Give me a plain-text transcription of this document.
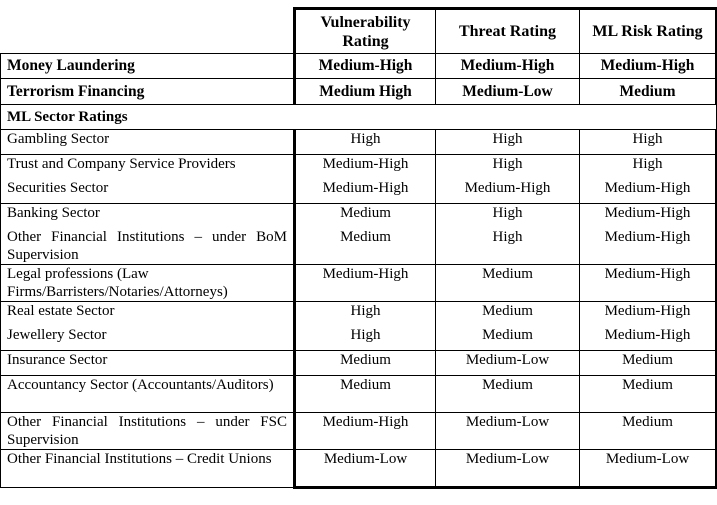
	Vulnerability Rating	Threat Rating	ML Risk Rating
Money Laundering	Medium-High	Medium-High	Medium-High
Terrorism Financing	Medium High	Medium-Low	Medium
ML Sector Ratings			
Gambling Sector	High	High	High
Trust and Company Service Providers	Medium-High	High	High
Securities Sector	Medium-High	Medium-High	Medium-High
Banking Sector	Medium	High	Medium-High
Other Financial Institutions – under BoM Supervision	Medium	High	Medium-High
Legal professions (Law Firms/Barristers/Notaries/Attorneys)	Medium-High	Medium	Medium-High
Real estate Sector	High	Medium	Medium-High
Jewellery Sector	High	Medium	Medium-High
Insurance Sector	Medium	Medium-Low	Medium
Accountancy Sector (Accountants/Auditors)	Medium	Medium	Medium
Other Financial Institutions – under FSC Supervision	Medium-High	Medium-Low	Medium
Other Financial Institutions – Credit Unions	Medium-Low	Medium-Low	Medium-Low
